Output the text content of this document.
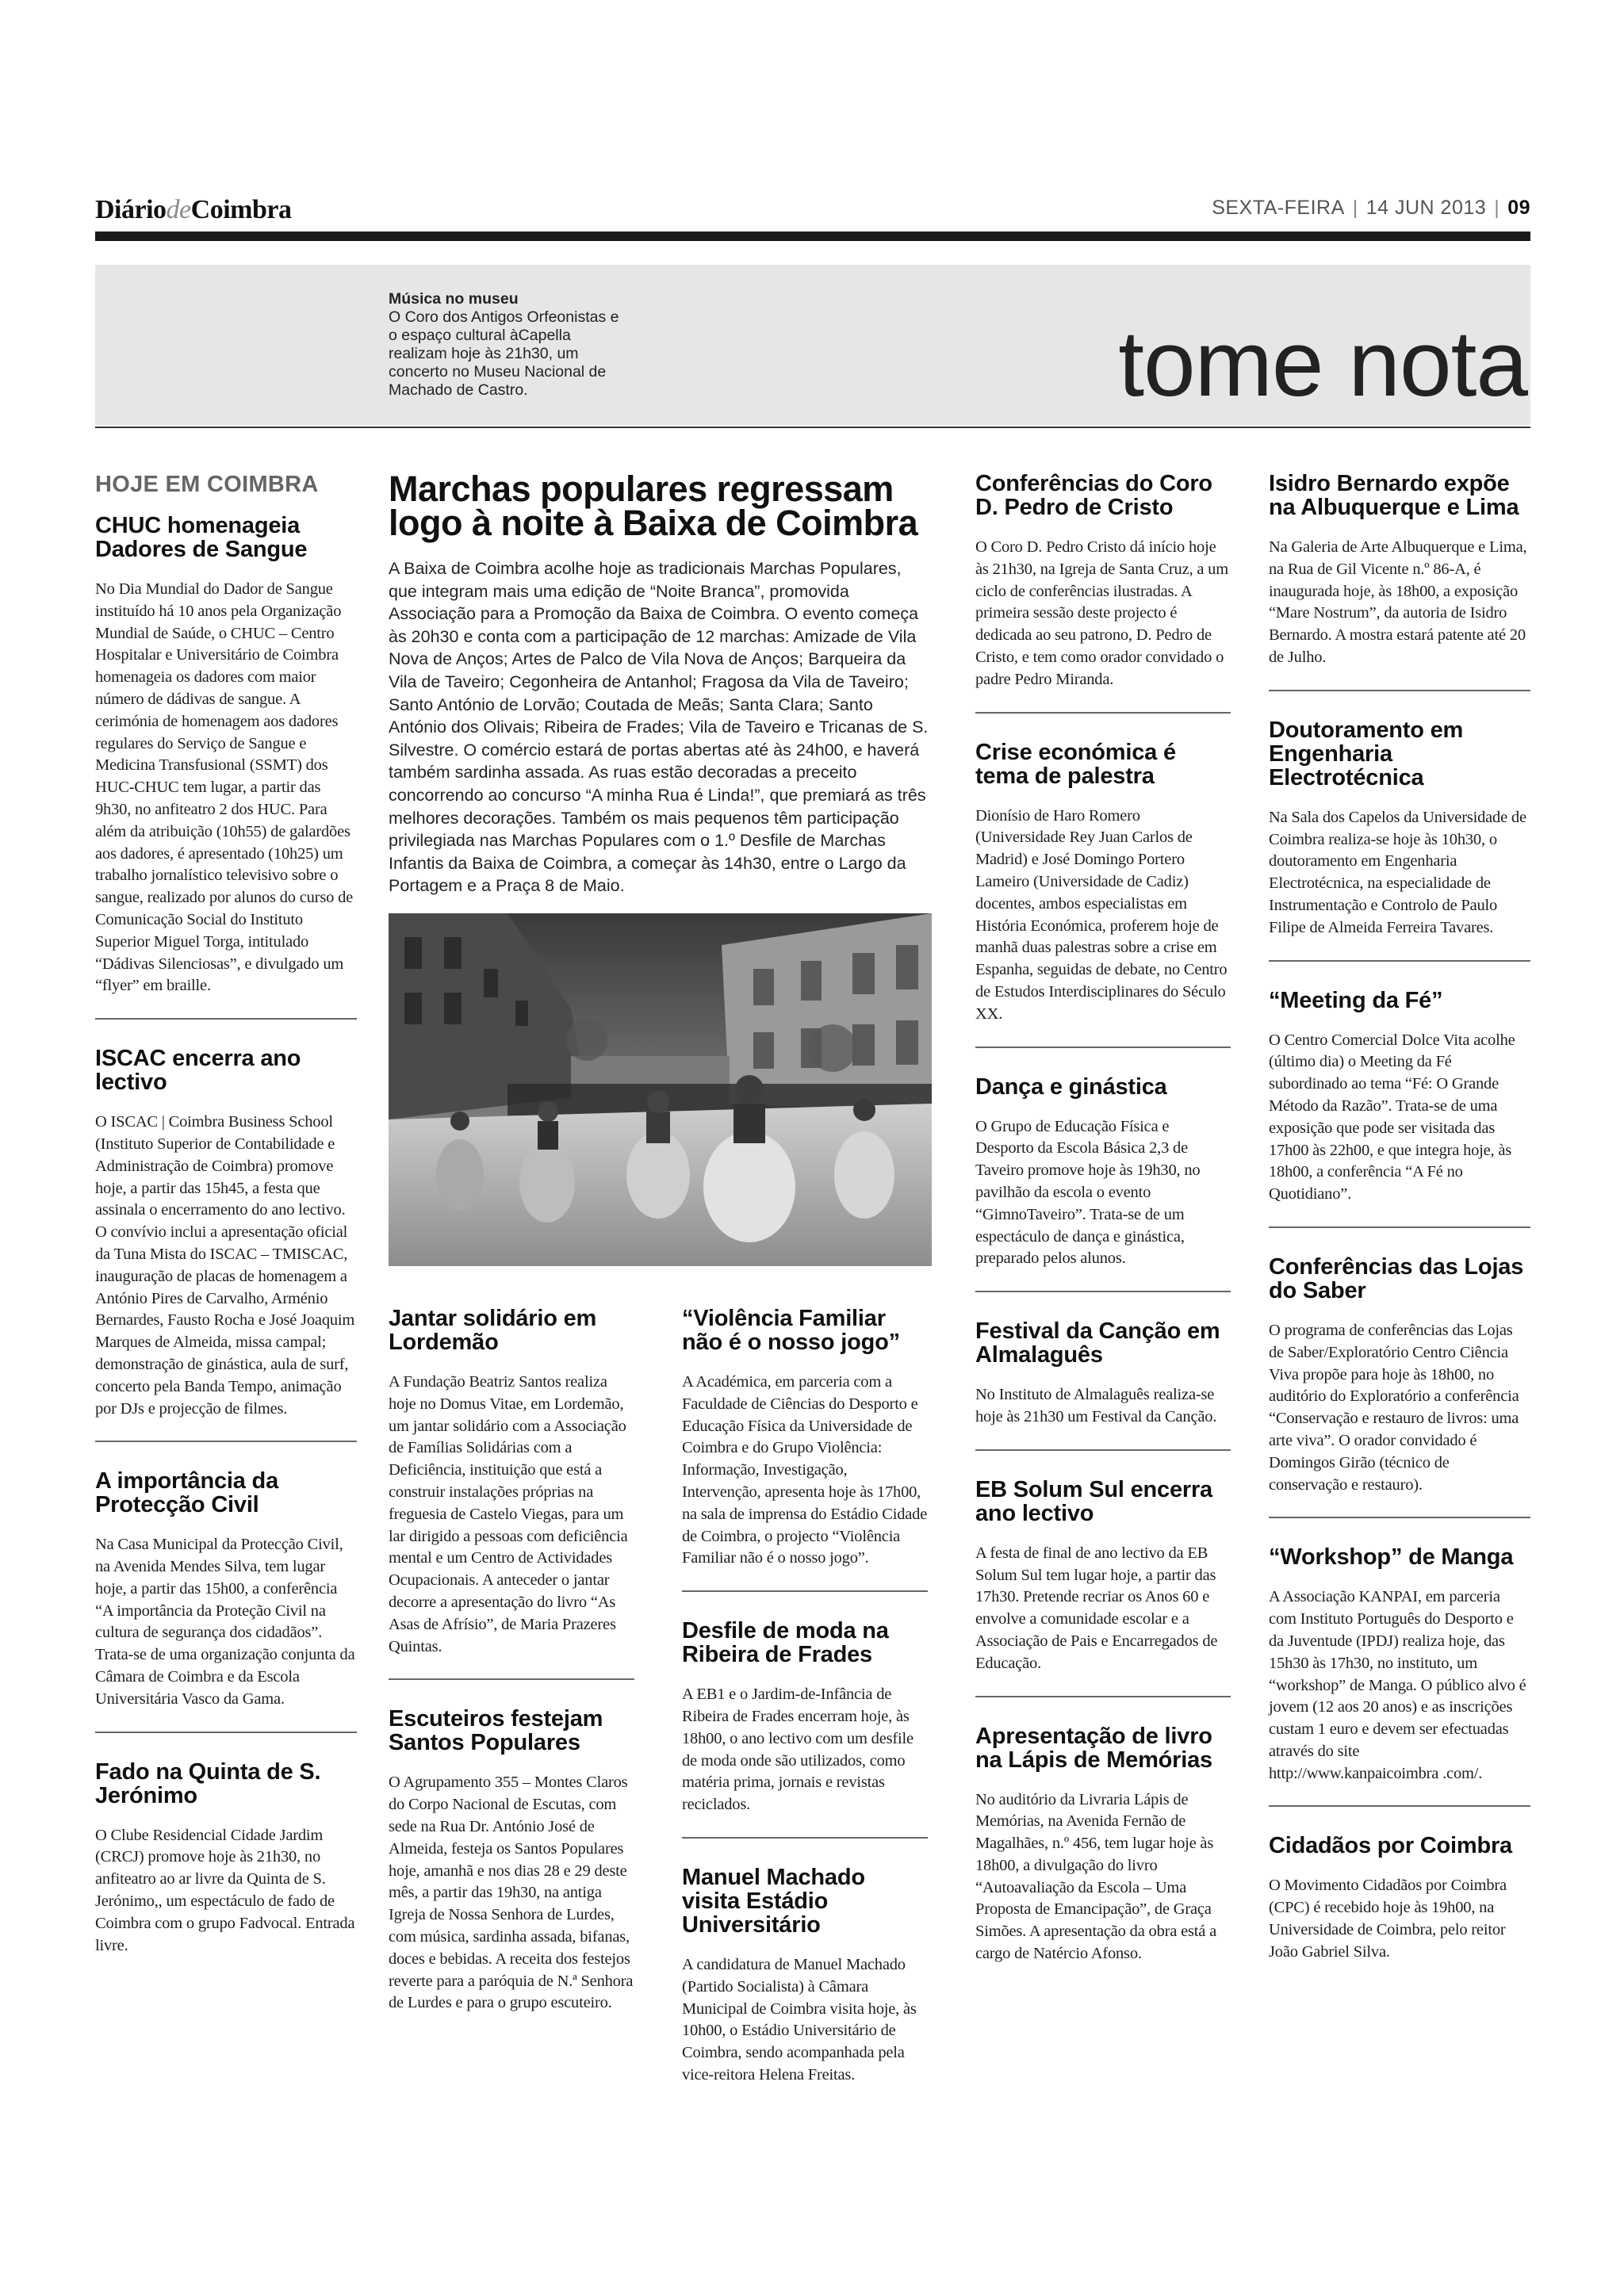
DiáriodeCoimbra	SEXTA-FEIRA | 14 JUN 2013 | 09
Música no museu
O Coro dos Antigos Orfeonistas e o espaço cultural àCapella realizam hoje às 21h30, um concerto no Museu Nacional de Machado de Castro.	tome nota
HOJE EM COIMBRA
CHUC homenageia Dadores de Sangue

No Dia Mundial do Dador de Sangue instituído há 10 anos pela Organização Mundial de Saúde, o CHUC – Centro Hospitalar e Universitário de Coimbra homenageia os dadores com maior número de dádivas de sangue. A cerimónia de homenagem aos dadores regulares do Serviço de Sangue e Medicina Transfusional (SSMT) dos HUC-CHUC tem lugar, a partir das 9h30, no anfiteatro 2 dos HUC. Para além da atribuição (10h55) de galardões aos dadores, é apresentado (10h25) um trabalho jornalístico televisivo sobre o sangue, realizado por alunos do curso de Comunicação Social do Instituto Superior Miguel Torga, intitulado “Dádivas Silenciosas”, e divulgado um “flyer” em braille.

ISCAC encerra ano lectivo

O ISCAC | Coimbra Business School (Instituto Superior de Contabilidade e Administração de Coimbra) promove hoje, a partir das 15h45, a festa que assinala o encerramento do ano lectivo. O convívio inclui a apresentação oficial da Tuna Mista do ISCAC – TMISCAC, inauguração de placas de homenagem a António Pires de Carvalho, Arménio Bernardes, Fausto Rocha e José Joaquim Marques de Almeida, missa campal; demonstração de ginástica, aula de surf, concerto pela Banda Tempo, animação por DJs e projecção de filmes.

A importância da Protecção Civil

Na Casa Municipal da Protecção Civil, na Avenida Mendes Silva, tem lugar hoje, a partir das 15h00, a conferência “A importância da Proteção Civil na cultura de segurança dos cidadãos”. Trata-se de uma organização conjunta da Câmara de Coimbra e da Escola Universitária Vasco da Gama.

Fado na Quinta de S. Jerónimo

O Clube Residencial Cidade Jardim (CRCJ) promove hoje às 21h30, no anfiteatro ao ar livre da Quinta de S. Jerónimo,, um espectáculo de fado de Coimbra com o grupo Fadvocal. Entrada livre.

Marchas populares regressam logo à noite à Baixa de Coimbra

A Baixa de Coimbra acolhe hoje as tradicionais Marchas Populares, que integram mais uma edição de “Noite Branca”, promovida Associação para a Promoção da Baixa de Coimbra. O evento começa às 20h30 e conta com a participação de 12 marchas: Amizade de Vila Nova de Anços; Artes de Palco de Vila Nova de Anços; Barqueira da Vila de Taveiro; Cegonheira de Antanhol; Fragosa da Vila de Taveiro; Santo António de Lorvão; Coutada de Meãs; Santa Clara; Santo António dos Olivais; Ribeira de Frades; Vila de Taveiro e Tricanas de S. Silvestre. O comércio estará de portas abertas até às 24h00, e haverá também sardinha assada. As ruas estão decoradas a preceito concorrendo ao concurso “A minha Rua é Linda!”, que premiará as três melhores decorações. Também os mais pequenos têm participação privilegiada nas Marchas Populares com o 1.º Desfile de Marchas Infantis da Baixa de Coimbra, a começar às 14h30, entre o Largo da Portagem e a Praça 8 de Maio.

Jantar solidário em Lordemão

A Fundação Beatriz Santos realiza hoje no Domus Vitae, em Lordemão, um jantar solidário com a Associação de Famílias Solidárias com a Deficiência, instituição que está a construir instalações próprias na freguesia de Castelo Viegas, para um lar dirigido a pessoas com deficiência mental e um Centro de Actividades Ocupacionais. A anteceder o jantar decorre a apresentação do livro “As Asas de Afrísio”, de Maria Prazeres Quintas.

Escuteiros festejam Santos Populares

O Agrupamento 355 – Montes Claros do Corpo Nacional de Escutas, com sede na Rua Dr. António José de Almeida, festeja os Santos Populares hoje, amanhã e nos dias 28 e 29 deste mês, a partir das 19h30, na antiga Igreja de Nossa Senhora de Lurdes, com música, sardinha assada, bifanas, doces e bebidas. A receita dos festejos reverte para a paróquia de N.ª Senhora de Lurdes e para o grupo escuteiro.

“Violência Familiar não é o nosso jogo”

A Académica, em parceria com a Faculdade de Ciências do Desporto e Educação Física da Universidade de Coimbra e do Grupo Violência: Informação, Investigação, Intervenção, apresenta hoje às 17h00, na sala de imprensa do Estádio Cidade de Coimbra, o projecto “Violência Familiar não é o nosso jogo”.

Desfile de moda na Ribeira de Frades

A EB1 e o Jardim-de-Infância de Ribeira de Frades encerram hoje, às 18h00, o ano lectivo com um desfile de moda onde são utilizados, como matéria prima, jornais e revistas reciclados.

Manuel Machado visita Estádio Universitário

A candidatura de Manuel Machado (Partido Socialista) à Câmara Municipal de Coimbra visita hoje, às 10h00, o Estádio Universitário de Coimbra, sendo acompanhada pela vice-reitora Helena Freitas.

Conferências do Coro D. Pedro de Cristo

O Coro D. Pedro Cristo dá início hoje às 21h30, na Igreja de Santa Cruz, a um ciclo de conferências ilustradas. A primeira sessão deste projecto é dedicada ao seu patrono, D. Pedro de Cristo, e tem como orador convidado o padre Pedro Miranda.

Crise económica é tema de palestra

Dionísio de Haro Romero (Universidade Rey Juan Carlos de Madrid) e José Domingo Portero Lameiro (Universidade de Cadiz) docentes, ambos especialistas em História Económica, proferem hoje de manhã duas palestras sobre a crise em Espanha, seguidas de debate, no Centro de Estudos Interdisciplinares do Século XX.

Dança e ginástica

O Grupo de Educação Física e Desporto da Escola Básica 2,3 de Taveiro promove hoje às 19h30, no pavilhão da escola o evento “GimnoTaveiro”. Trata-se de um espectáculo de dança e ginástica, preparado pelos alunos.

Festival da Canção em Almalaguês

No Instituto de Almalaguês realiza-se hoje às 21h30 um Festival da Canção.

EB Solum Sul encerra ano lectivo

A festa de final de ano lectivo da EB Solum Sul tem lugar hoje, a partir das 17h30. Pretende recriar os Anos 60 e envolve a comunidade escolar e a Associação de Pais e Encarregados de Educação.

Apresentação de livro na Lápis de Memórias

No auditório da Livraria Lápis de Memórias, na Avenida Fernão de Magalhães, n.º 456, tem lugar hoje às 18h00, a divulgação do livro “Autoavaliação da Escola – Uma Proposta de Emancipação”, de Graça Simões. A apresentação da obra está a cargo de Natércio Afonso.

Isidro Bernardo expõe na Albuquerque e Lima

Na Galeria de Arte Albuquerque e Lima, na Rua de Gil Vicente n.º 86-A, é inaugurada hoje, às 18h00, a exposição “Mare Nostrum”, da autoria de Isidro Bernardo. A mostra estará patente até 20 de Julho.

Doutoramento em Engenharia Electrotécnica

Na Sala dos Capelos da Universidade de Coimbra realiza-se hoje às 10h30, o doutoramento em Engenharia Electrotécnica, na especialidade de Instrumentação e Controlo de Paulo Filipe de Almeida Ferreira Tavares.

“Meeting da Fé”

O Centro Comercial Dolce Vita acolhe (último dia) o Meeting da Fé subordinado ao tema “Fé: O Grande Método da Razão”. Trata-se de uma exposição que pode ser visitada das 17h00 às 22h00, e que integra hoje, às 18h00, a conferência “A Fé no Quotidiano”.

Conferências das Lojas do Saber

O programa de conferências das Lojas de Saber/Exploratório Centro Ciência Viva propõe para hoje às 18h00, no auditório do Exploratório a conferência “Conservação e restauro de livros: uma arte viva”. O orador convidado é Domingos Girão (técnico de conservação e restauro).

“Workshop” de Manga

A Associação KANPAI, em parceria com Instituto Português do Desporto e da Juventude (IPDJ) realiza hoje, das 15h30 às 17h30, no instituto, um “workshop” de Manga. O público alvo é jovem (12 aos 20 anos) e as inscrições custam 1 euro e devem ser efectuadas através do site http://www.kanpaicoimbra .com/.

Cidadãos por Coimbra

O Movimento Cidadãos por Coimbra (CPC) é recebido hoje às 19h00, na Universidade de Coimbra, pelo reitor João Gabriel Silva.
